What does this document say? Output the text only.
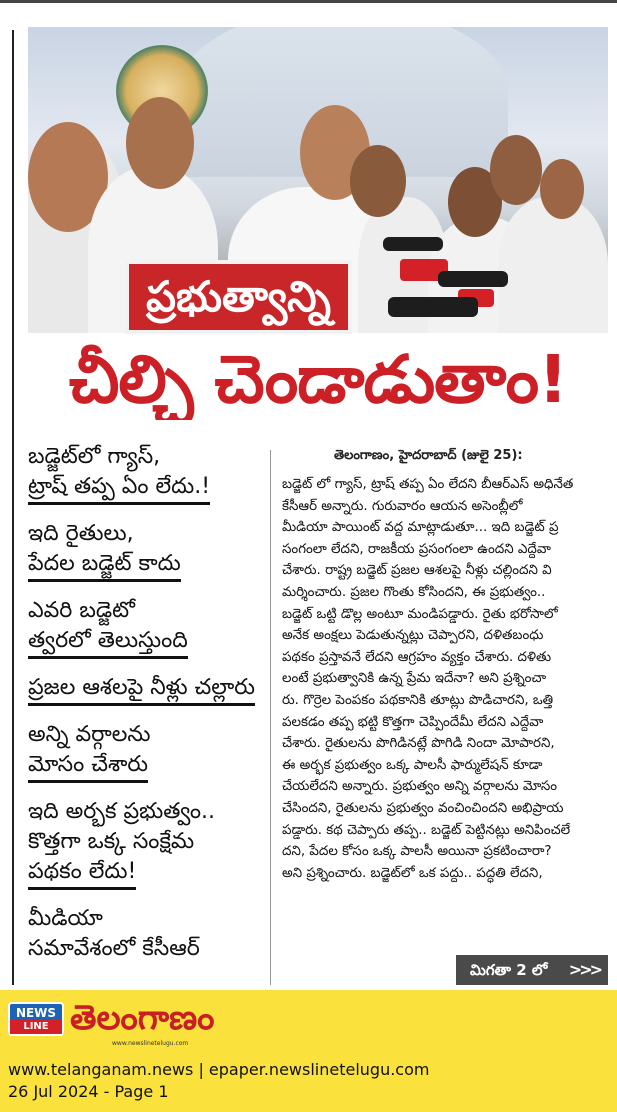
ప్రభుత్వాన్ని
చీల్చి చెండాడుతాం!
బడ్జెట్‌లో గ్యాస్,
ట్రాష్ తప్ప ఏం లేదు.!
ఇది రైతులు,
పేదల బడ్జెట్ కాదు
ఎవరి బడ్జెటో
త్వరలో తెలుస్తుంది
ప్రజల ఆశలపై నీళ్లు చల్లారు
అన్ని వర్గాలను
మోసం చేశారు
ఇది అర్భక ప్రభుత్వం..
కొత్తగా ఒక్క సంక్షేమ
పథకం లేదు!
మీడియా
సమావేశంలో కేసీఆర్
తెలంగాణం, హైదరాబాద్ (జులై 25):

బడ్జెట్ లో గ్యాస్, ట్రాష్ తప్ప ఏం లేదని బీఆర్ఎస్ అధినేత

కేసీఆర్ అన్నారు. గురువారం ఆయన అసెంబ్లీలో

మీడియా పాయింట్ వద్ద మాట్లాడుతూ... ఇది బడ్జెట్ ప్ర

సంగంలా లేదని, రాజకీయ ప్రసంగంలా ఉందని ఎద్దేవా

చేశారు. రాష్ట్ర బడ్జెట్ ప్రజల ఆశలపై నీళ్లు చల్లిందని వి

మర్శించారు. ప్రజల గొంతు కోసిందని, ఈ ప్రభుత్వం..

బడ్జెట్ ఒట్టి డొల్ల అంటూ మండిపడ్డారు. రైతు భరోసాలో

అనేక అంక్షలు పెడుతున్నట్లు చెప్పారని, దళితబంధు

పథకం ప్రస్తావనే లేదని ఆగ్రహం వ్యక్తం చేశారు. దళితు

లంటే ప్రభుత్వానికి ఉన్న ప్రేమ ఇదేనా? అని ప్రశ్నించా

రు. గొర్రెల పెంపకం పథకానికి తూట్లు పొడిచారని, ఒత్తి

పలకడం తప్ప భట్టి కొత్తగా చెప్పిందేమీ లేదని ఎద్దేవా

చేశారు. రైతులను పొగిడినట్లే పొగిడి నిందా మోపారని,

ఈ అర్భక ప్రభుత్వం ఒక్క పాలసీ ఫార్ములేషన్ కూడా

చేయలేదని అన్నారు. ప్రభుత్వం అన్ని వర్గాలను మోసం

చేసిందని, రైతులను ప్రభుత్వం వంచించిందని అభిప్రాయ

పడ్డారు. కథ చెప్పారు తప్ప.. బడ్జెట్ పెట్టినట్లు అనిపించలే

దని, పేదల కోసం ఒక్క పాలసీ అయినా ప్రకటించారా?

అని ప్రశ్నించారు. బడ్జెట్‌లో ఒక పద్దు.. పద్ధతి లేదని,

మిగతా 2 లో >>>
NEWS
LINE తెలంగాణం
www.newslinetelugu.com
www.telanganam.news | epaper.newslinetelugu.com
26 Jul 2024 - Page 1
